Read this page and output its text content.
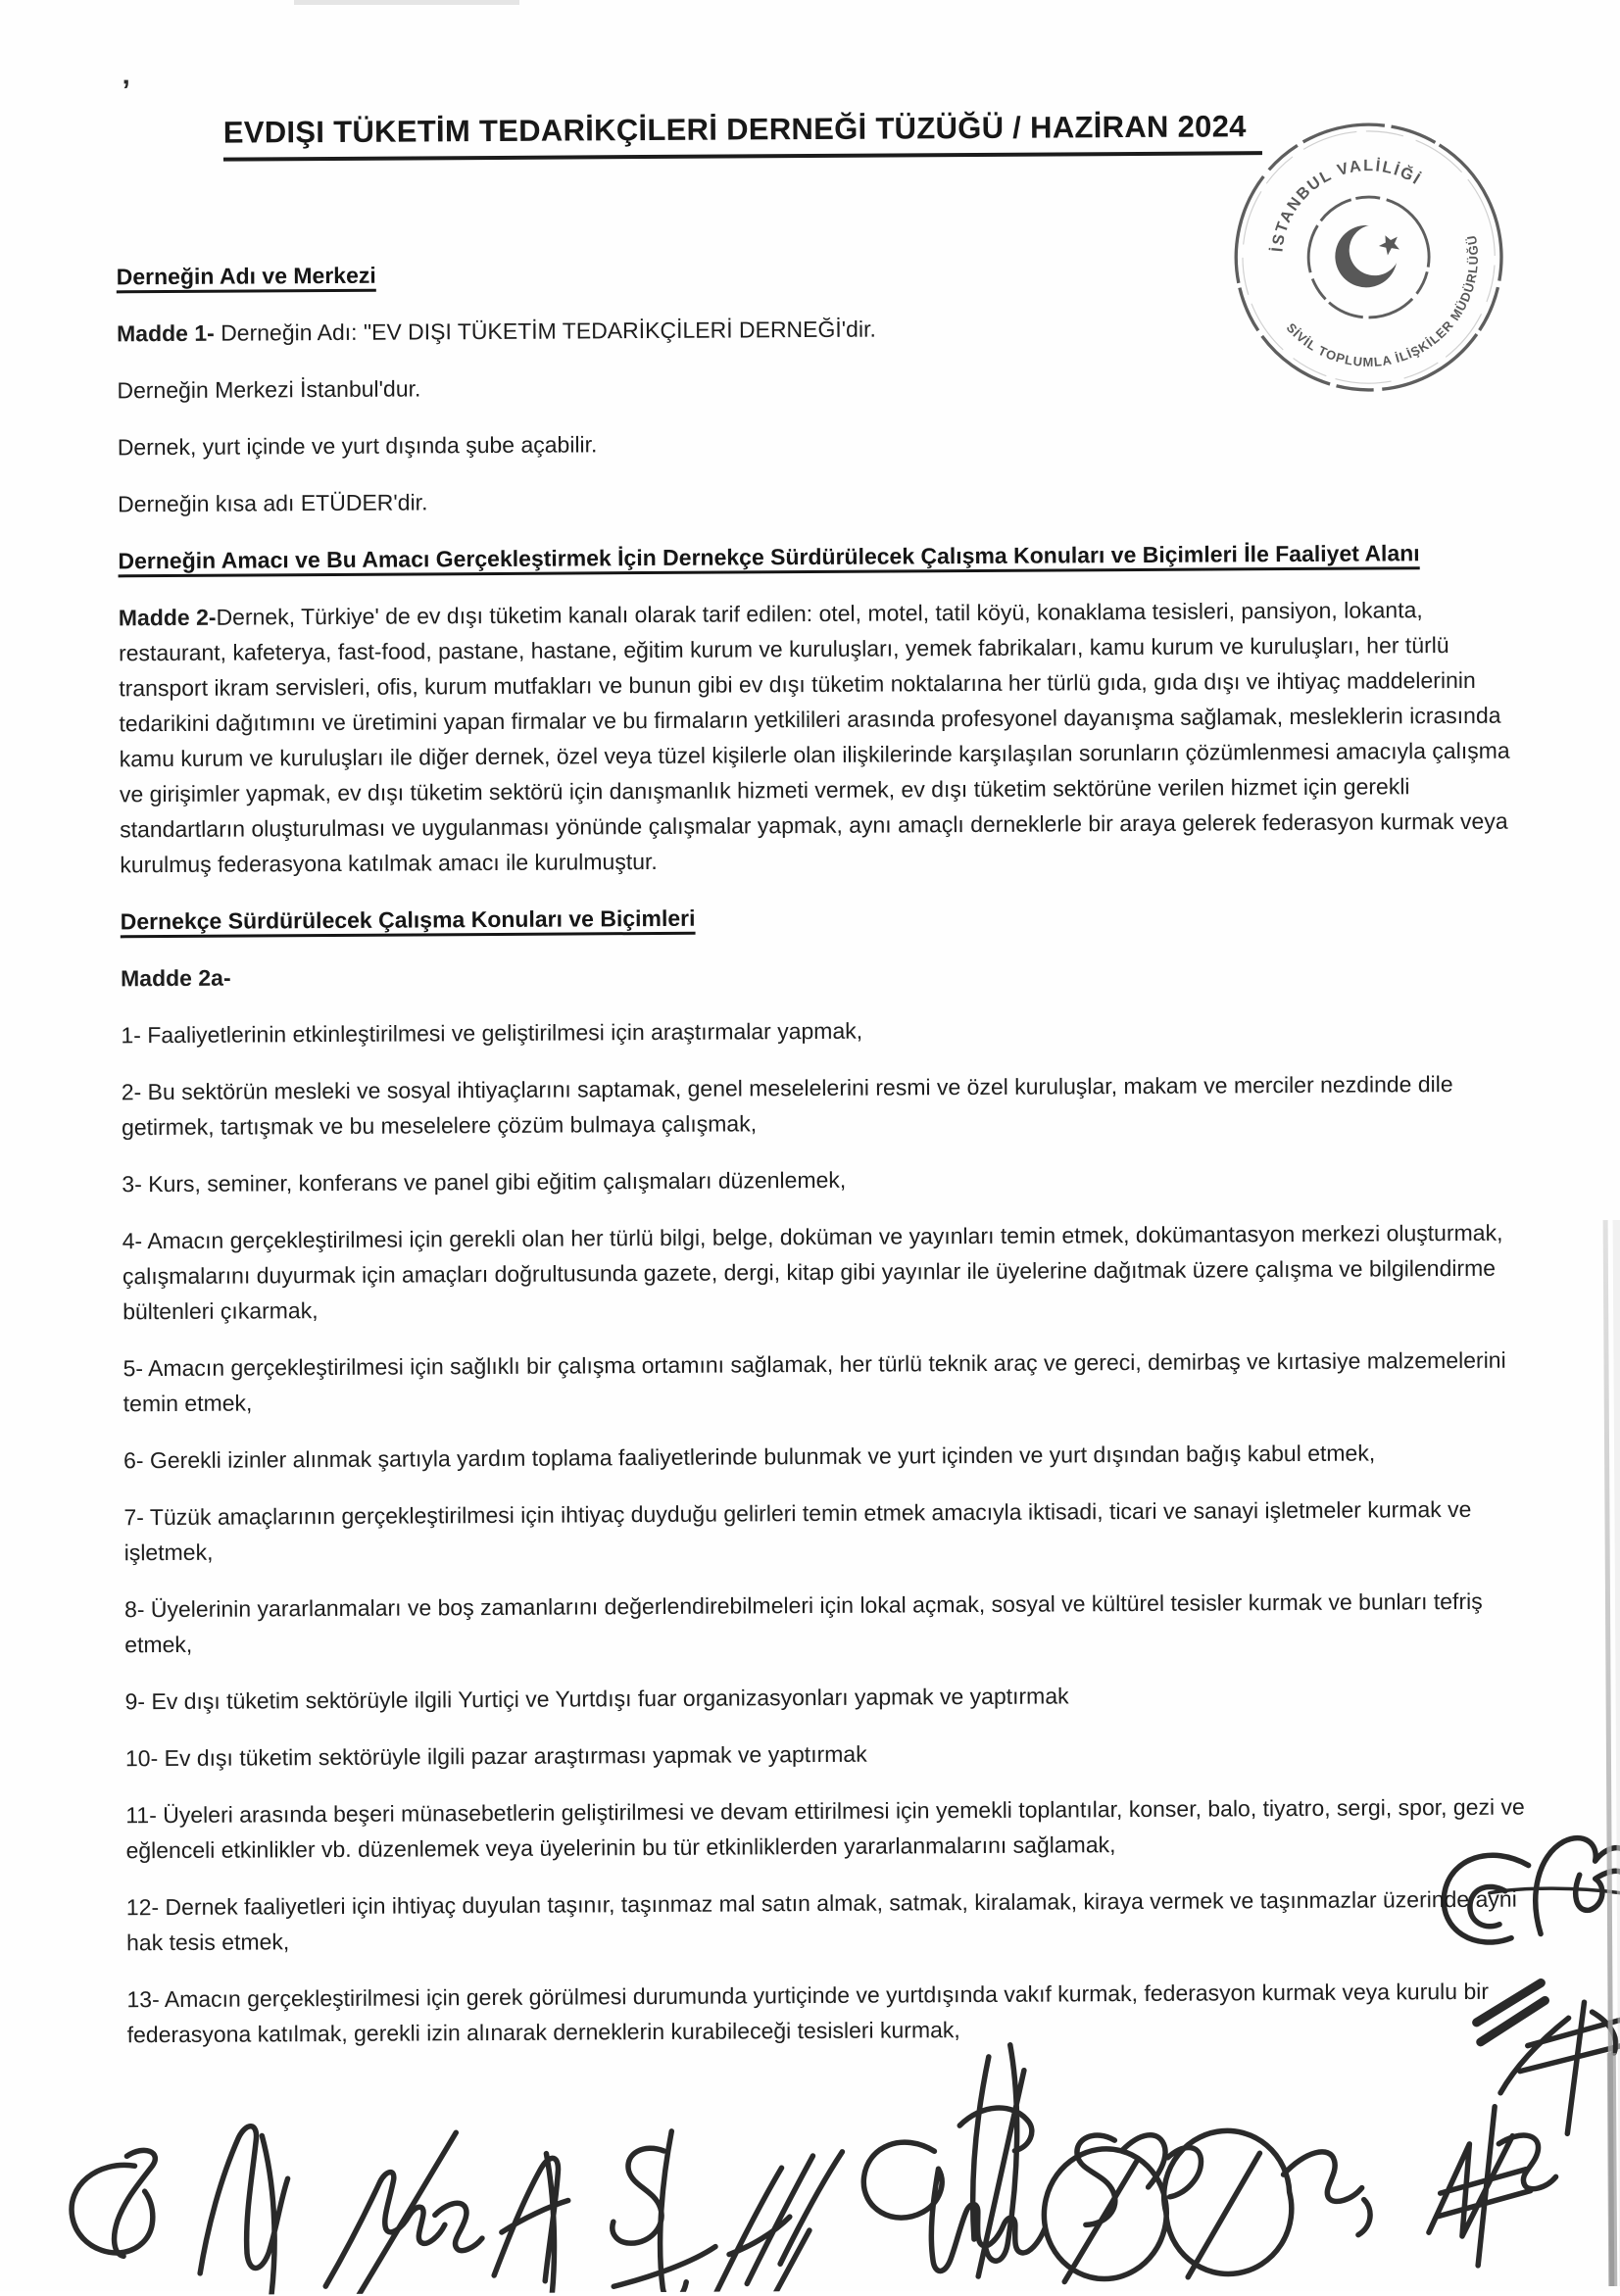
’
EVDIŞI TÜKETİM TEDARİKÇİLERİ DERNEĞİ TÜZÜĞÜ / HAZİRAN 2024

Derneğin Adı ve Merkezi

Madde 1- Derneğin Adı: "EV DIŞI TÜKETİM TEDARİKÇİLERİ DERNEĞİ'dir.

Derneğin Merkezi İstanbul'dur.

Dernek, yurt içinde ve yurt dışında şube açabilir.

Derneğin kısa adı ETÜDER'dir.

Derneğin Amacı ve Bu Amacı Gerçekleştirmek İçin Dernekçe Sürdürülecek Çalışma Konuları ve Biçimleri İle Faaliyet Alanı

Madde 2-Dernek, Türkiye' de ev dışı tüketim kanalı olarak tarif edilen: otel, motel, tatil köyü, konaklama tesisleri, pansiyon, lokanta, restaurant, kafeterya, fast-food, pastane, hastane, eğitim kurum ve kuruluşları, yemek fabrikaları, kamu kurum ve kuruluşları, her türlü transport ikram servisleri, ofis, kurum mutfakları ve bunun gibi ev dışı tüketim noktalarına her türlü gıda, gıda dışı ve ihtiyaç maddelerinin tedarikini dağıtımını ve üretimini yapan firmalar ve bu firmaların yetkilileri arasında profesyonel dayanışma sağlamak, mesleklerin icrasında kamu kurum ve kuruluşları ile diğer dernek, özel veya tüzel kişilerle olan ilişkilerinde karşılaşılan sorunların çözümlenmesi amacıyla çalışma ve girişimler yapmak, ev dışı tüketim sektörü için danışmanlık hizmeti vermek, ev dışı tüketim sektörüne verilen hizmet için gerekli standartların oluşturulması ve uygulanması yönünde çalışmalar yapmak, aynı amaçlı derneklerle bir araya gelerek federasyon kurmak veya kurulmuş federasyona katılmak amacı ile kurulmuştur.

Dernekçe Sürdürülecek Çalışma Konuları ve Biçimleri

Madde 2a-

1- Faaliyetlerinin etkinleştirilmesi ve geliştirilmesi için araştırmalar yapmak,

2- Bu sektörün mesleki ve sosyal ihtiyaçlarını saptamak, genel meselelerini resmi ve özel kuruluşlar, makam ve merciler nezdinde dile getirmek, tartışmak ve bu meselelere çözüm bulmaya çalışmak,

3- Kurs, seminer, konferans ve panel gibi eğitim çalışmaları düzenlemek,

4- Amacın gerçekleştirilmesi için gerekli olan her türlü bilgi, belge, doküman ve yayınları temin etmek, dokümantasyon merkezi oluşturmak, çalışmalarını duyurmak için amaçları doğrultusunda gazete, dergi, kitap gibi yayınlar ile üyelerine dağıtmak üzere çalışma ve bilgilendirme bültenleri çıkarmak,

5- Amacın gerçekleştirilmesi için sağlıklı bir çalışma ortamını sağlamak, her türlü teknik araç ve gereci, demirbaş ve kırtasiye malzemelerini temin etmek,

6- Gerekli izinler alınmak şartıyla yardım toplama faaliyetlerinde bulunmak ve yurt içinden ve yurt dışından bağış kabul etmek,

7- Tüzük amaçlarının gerçekleştirilmesi için ihtiyaç duyduğu gelirleri temin etmek amacıyla iktisadi, ticari ve sanayi işletmeler kurmak ve işletmek,

8- Üyelerinin yararlanmaları ve boş zamanlarını değerlendirebilmeleri için lokal açmak, sosyal ve kültürel tesisler kurmak ve bunları tefriş etmek,

9- Ev dışı tüketim sektörüyle ilgili Yurtiçi ve Yurtdışı fuar organizasyonları yapmak ve yaptırmak

10- Ev dışı tüketim sektörüyle ilgili pazar araştırması yapmak ve yaptırmak

11- Üyeleri arasında beşeri münasebetlerin geliştirilmesi ve devam ettirilmesi için yemekli toplantılar, konser, balo, tiyatro, sergi, spor, gezi ve eğlenceli etkinlikler vb. düzenlemek veya üyelerinin bu tür etkinliklerden yararlanmalarını sağlamak,

12- Dernek faaliyetleri için ihtiyaç duyulan taşınır, taşınmaz mal satın almak, satmak, kiralamak, kiraya vermek ve taşınmazlar üzerinde ayni hak tesis etmek,

13- Amacın gerçekleştirilmesi için gerek görülmesi durumunda yurtiçinde ve yurtdışında vakıf kurmak, federasyon kurmak veya kurulu bir federasyona katılmak, gerekli izin alınarak derneklerin kurabileceği tesisleri kurmak,

İSTANBUL VALİLİĞİ
SİVİL TOPLUMLA İLİŞKİLER MÜDÜRLÜĞÜ
